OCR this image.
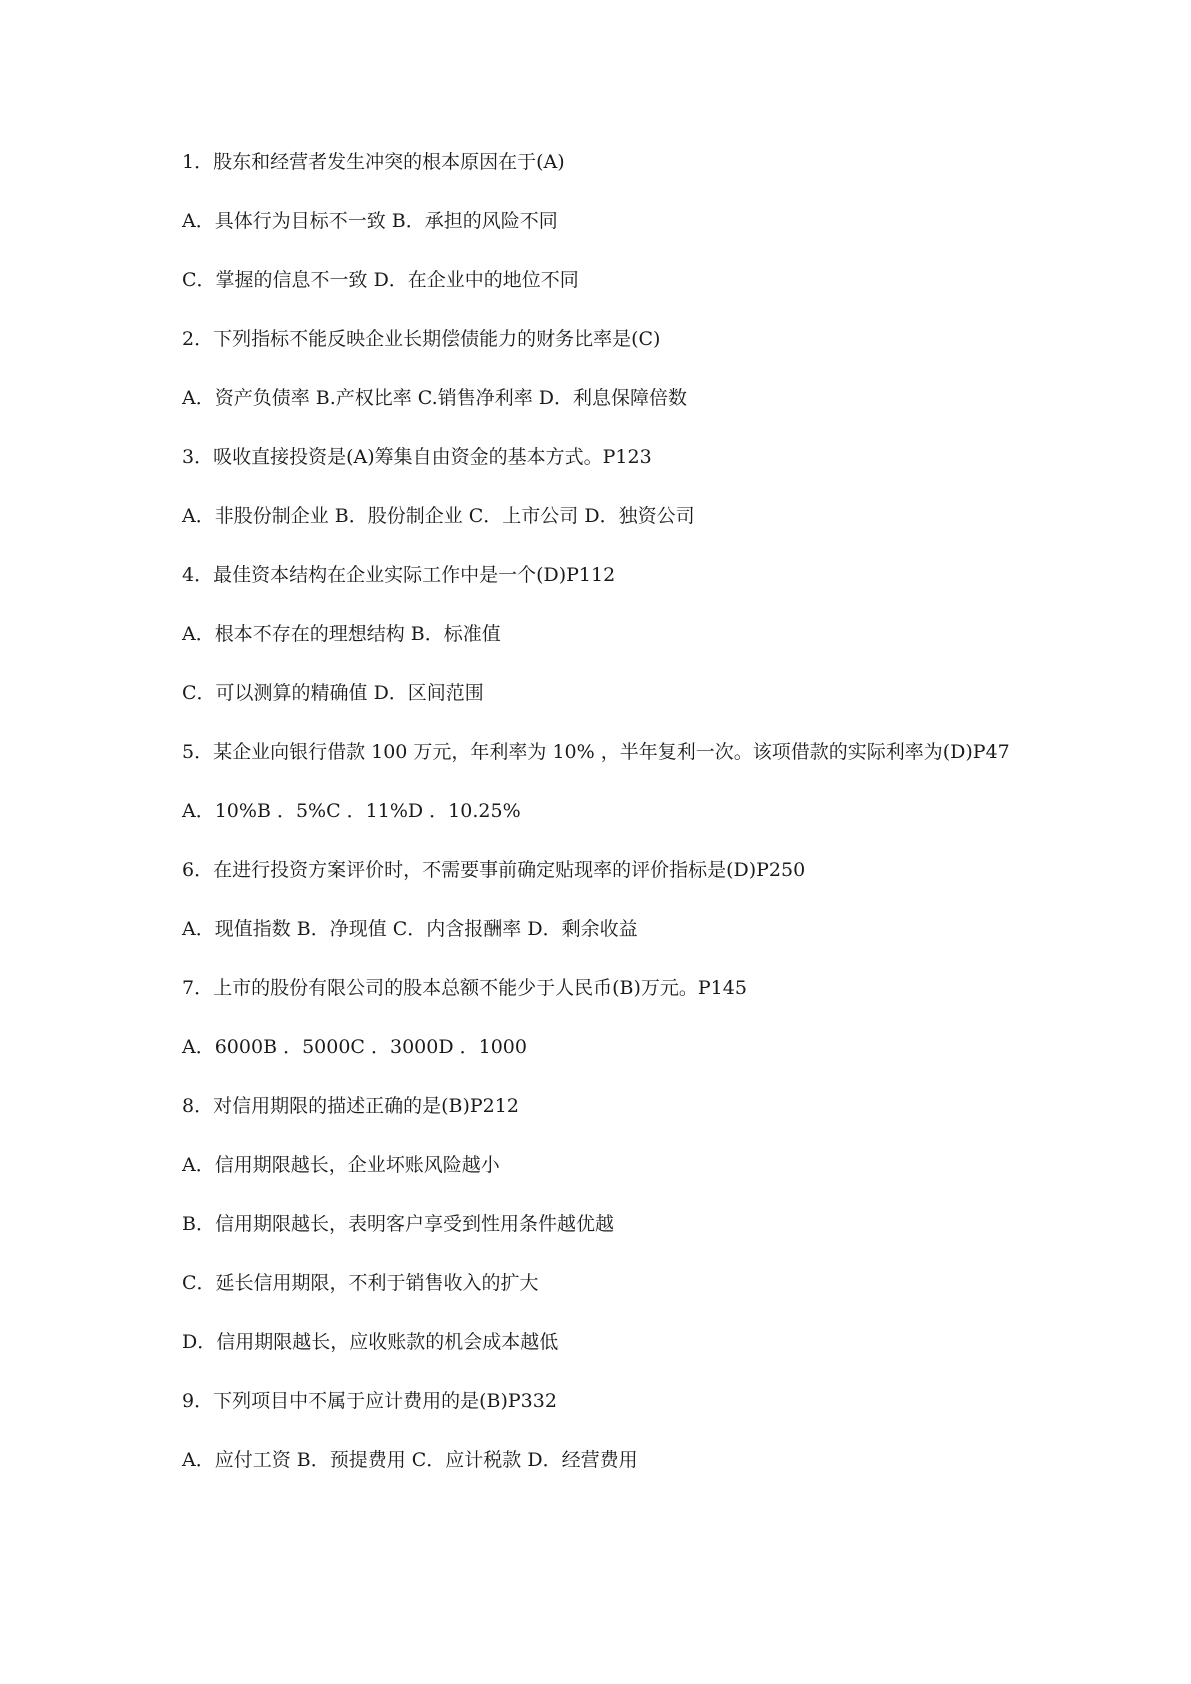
1．股东和经营者发生冲突的根本原因在于(A)

A．具体行为目标不一致 B．承担的风险不同

C．掌握的信息不一致 D．在企业中的地位不同

2．下列指标不能反映企业长期偿债能力的财务比率是(C)

A．资产负债率 B.产权比率 C.销售净利率 D．利息保障倍数

3．吸收直接投资是(A)筹集自由资金的基本方式。P123

A．非股份制企业 B．股份制企业 C．上市公司 D．独资公司

4．最佳资本结构在企业实际工作中是一个(D)P112

A．根本不存在的理想结构 B．标准值

C．可以测算的精确值 D．区间范围

5．某企业向银行借款 100 万元，年利率为 10% ，半年复利一次。该项借款的实际利率为(D)P47

A．10%B ．5%C ．11%D ．10.25%

6．在进行投资方案评价时，不需要事前确定贴现率的评价指标是(D)P250

A．现值指数 B．净现值 C．内含报酬率 D．剩余收益

7．上市的股份有限公司的股本总额不能少于人民币(B)万元。P145

A．6000B ．5000C ．3000D ．1000

8．对信用期限的描述正确的是(B)P212

A．信用期限越长，企业坏账风险越小

B．信用期限越长，表明客户享受到性用条件越优越

C．延长信用期限，不利于销售收入的扩大

D．信用期限越长，应收账款的机会成本越低

9．下列项目中不属于应计费用的是(B)P332

A．应付工资 B．预提费用 C．应计税款 D．经营费用
